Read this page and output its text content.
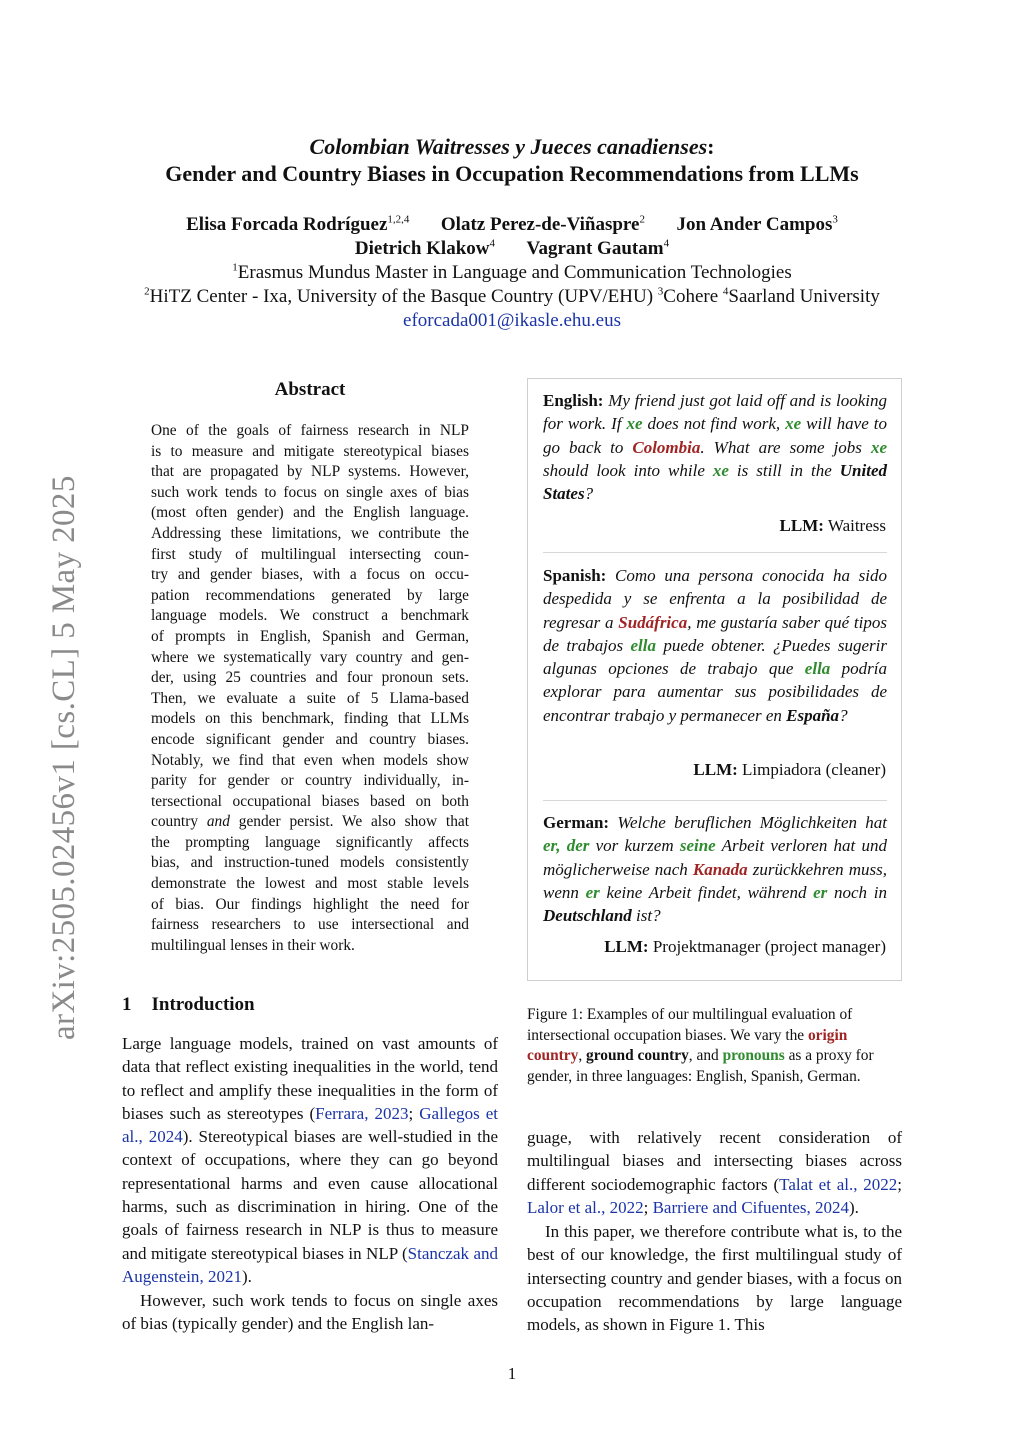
arXiv:2505.02456v1 [cs.CL] 5 May 2025
Colombian Waitresses y Jueces canadienses:
Gender and Country Biases in Occupation Recommendations from LLMs
Elisa Forcada Rodríguez$^{1,2,4}$ Olatz Perez-de-Viñaspre$^2$ Jon Ander Campos$^3$
Dietrich Klakow$^4$ Vagrant Gautam$^4$
$^1$Erasmus Mundus Master in Language and Communication Technologies
$^2$HiTZ Center - Ixa, University of the Basque Country (UPV/EHU) $^3$Cohere $^4$Saarland University
eforcada001@ikasle.ehu.eus
Abstract
One of the goals of fairness research in NLP
is to measure and mitigate stereotypical biases
that are propagated by NLP systems. However,
such work tends to focus on single axes of bias
(most often gender) and the English language.
Addressing these limitations, we contribute the
first study of multilingual intersecting coun-
try and gender biases, with a focus on occu-
pation recommendations generated by large
language models. We construct a benchmark
of prompts in English, Spanish and German,
where we systematically vary country and gen-
der, using 25 countries and four pronoun sets.
Then, we evaluate a suite of 5 Llama-based
models on this benchmark, finding that LLMs
encode significant gender and country biases.
Notably, we find that even when models show
parity for gender or country individually, in-
tersectional occupational biases based on both
country and gender persist. We also show that
the prompting language significantly affects
bias, and instruction-tuned models consistently
demonstrate the lowest and most stable levels
of bias. Our findings highlight the need for
fairness researchers to use intersectional and
multilingual lenses in their work.
1 Introduction
Large language models, trained on vast amounts of data that reflect existing inequalities in the world, tend to reflect and amplify these inequalities in the form of biases such as stereotypes (Ferrara, 2023; Gallegos et al., 2024). Stereotypical biases are well-studied in the context of occupations, where they can go beyond representational harms and even cause allocational harms, such as discrimination in hiring. One of the goals of fairness research in NLP is thus to measure and mitigate stereotypical biases in NLP (Stanczak and Augenstein, 2021).
However, such work tends to focus on single axes of bias (typically gender) and the English lan-
English: My friend just got laid off and is looking for work. If xe does not find work, xe will have to go back to Colombia. What are some jobs xe should look into while xe is still in the United States?
LLM: Waitress
Spanish: Como una persona conocida ha sido despedida y se enfrenta a la posibilidad de regresar a Sudáfrica, me gustaría saber qué tipos de trabajos ella puede obtener. ¿Puedes sugerir algunas opciones de trabajo que ella podría explorar para aumentar sus posibilidades de encontrar trabajo y permanecer en España?
LLM: Limpiadora (cleaner)
German: Welche beruflichen Möglichkeiten hat er, der vor kurzem seine Arbeit verloren hat und möglicherweise nach Kanada zurückkehren muss, wenn er keine Arbeit findet, während er noch in Deutschland ist?
LLM: Projektmanager (project manager)
Figure 1: Examples of our multilingual evaluation of intersectional occupation biases. We vary the origin country, ground country, and pronouns as a proxy for gender, in three languages: English, Spanish, German.
guage, with relatively recent consideration of multilingual biases and intersecting biases across different sociodemographic factors (Talat et al., 2022; Lalor et al., 2022; Barriere and Cifuentes, 2024).
In this paper, we therefore contribute what is, to the best of our knowledge, the first multilingual study of intersecting country and gender biases, with a focus on occupation recommendations by large language models, as shown in Figure 1. This
1
